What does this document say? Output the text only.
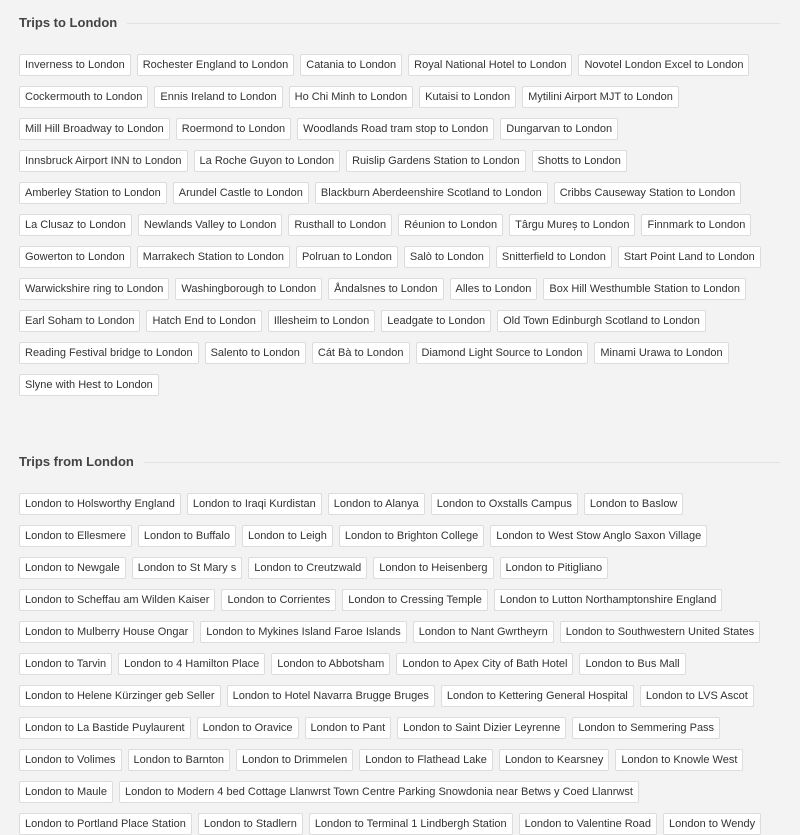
Trips to London
Inverness to London	Rochester England to London	Catania to London	Royal National Hotel to London	Novotel London Excel to London
Cockermouth to London	Ennis Ireland to London	Ho Chi Minh to London	Kutaisi to London	Mytilini Airport MJT to London
Mill Hill Broadway to London	Roermond to London	Woodlands Road tram stop to London	Dungarvan to London
Innsbruck Airport INN to London	La Roche Guyon to London	Ruislip Gardens Station to London	Shotts to London
Amberley Station to London	Arundel Castle to London	Blackburn Aberdeenshire Scotland to London	Cribbs Causeway Station to London
La Clusaz to London	Newlands Valley to London	Rusthall to London	Réunion to London	Târgu Mureș to London	Finnmark to London
Gowerton to London	Marrakech Station to London	Polruan to London	Salò to London	Snitterfield to London	Start Point Land to London
Warwickshire ring to London	Washingborough to London	Åndalsnes to London	Alles to London	Box Hill Westhumble Station to London
Earl Soham to London	Hatch End to London	Illesheim to London	Leadgate to London	Old Town Edinburgh Scotland to London
Reading Festival bridge to London	Salento to London	Cát Bà to London	Diamond Light Source to London	Minami Urawa to London
Slyne with Hest to London
Trips from London
London to Holsworthy England	London to Iraqi Kurdistan	London to Alanya	London to Oxstalls Campus	London to Baslow
London to Ellesmere	London to Buffalo	London to Leigh	London to Brighton College	London to West Stow Anglo Saxon Village
London to Newgale	London to St Mary s	London to Creutzwald	London to Heisenberg	London to Pitigliano
London to Scheffau am Wilden Kaiser	London to Corrientes	London to Cressing Temple	London to Lutton Northamptonshire England
London to Mulberry House Ongar	London to Mykines Island Faroe Islands	London to Nant Gwrtheyrn	London to Southwestern United States
London to Tarvin	London to 4 Hamilton Place	London to Abbotsham	London to Apex City of Bath Hotel	London to Bus Mall
London to Helene Kürzinger geb Seller	London to Hotel Navarra Brugge Bruges	London to Kettering General Hospital	London to LVS Ascot
London to La Bastide Puylaurent	London to Oravice	London to Pant	London to Saint Dizier Leyrenne	London to Semmering Pass
London to Volimes	London to Barnton	London to Drimmelen	London to Flathead Lake	London to Kearsney	London to Knowle West
London to Maule	London to Modern 4 bed Cottage Llanwrst Town Centre Parking Snowdonia near Betws y Coed Llanrwst
London to Portland Place Station	London to Stadlern	London to Terminal 1 Lindbergh Station	London to Valentine Road	London to Wendy
